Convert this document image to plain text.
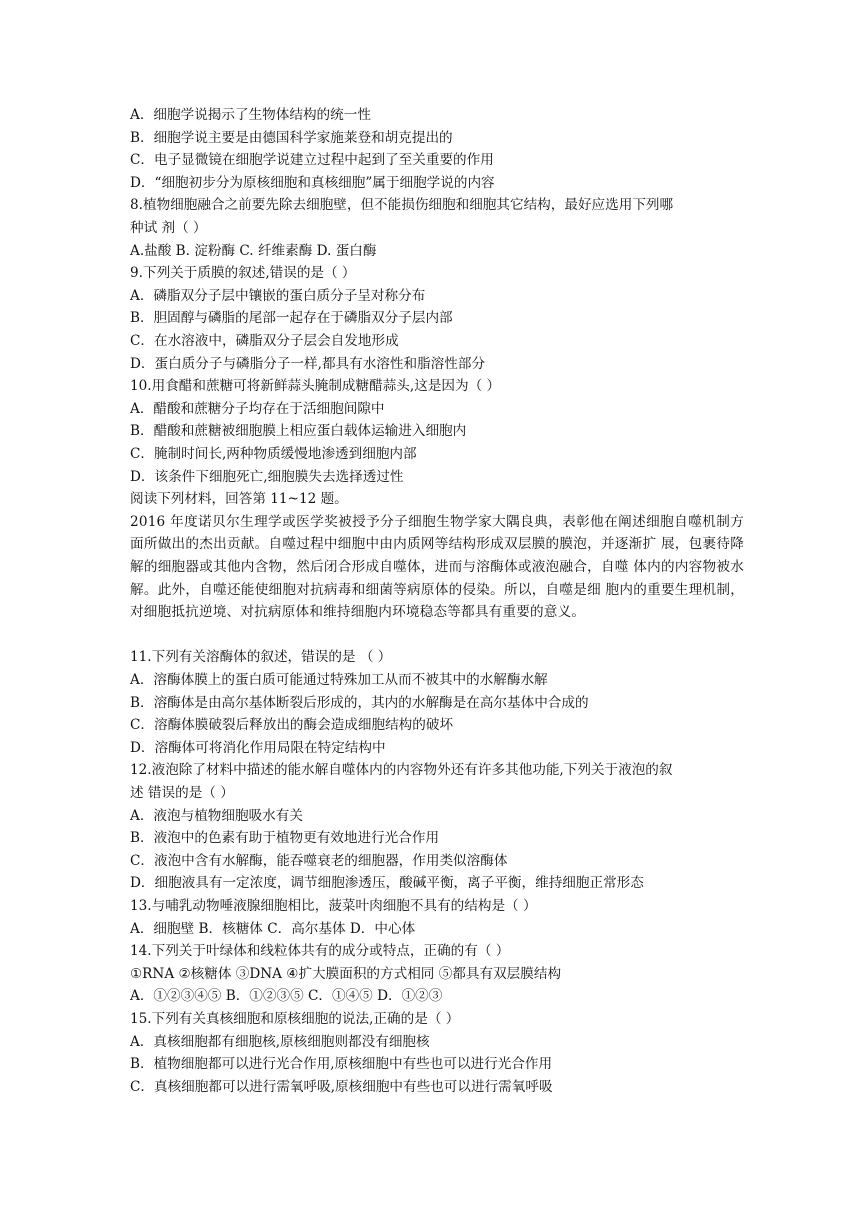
A．细胞学说揭示了生物体结构的统一性
B．细胞学说主要是由德国科学家施莱登和胡克提出的
C．电子显微镜在细胞学说建立过程中起到了至关重要的作用
D．“细胞初步分为原核细胞和真核细胞”属于细胞学说的内容
8.植物细胞融合之前要先除去细胞壁，但不能损伤细胞和细胞其它结构，最好应选用下列哪
种试 剂（ ）
A.盐酸 B. 淀粉酶 C. 纤维素酶 D. 蛋白酶
9.下列关于质膜的叙述,错误的是（ ）
A．磷脂双分子层中镶嵌的蛋白质分子呈对称分布
B．胆固醇与磷脂的尾部一起存在于磷脂双分子层内部
C．在水溶液中，磷脂双分子层会自发地形成
D．蛋白质分子与磷脂分子一样,都具有水溶性和脂溶性部分
10.用食醋和蔗糖可将新鲜蒜头腌制成糖醋蒜头,这是因为（ ）
A．醋酸和蔗糖分子均存在于活细胞间隙中
B．醋酸和蔗糖被细胞膜上相应蛋白载体运输进入细胞内
C．腌制时间长,两种物质缓慢地渗透到细胞内部
D．该条件下细胞死亡,细胞膜失去选择透过性
阅读下列材料，回答第 11~12 题。
2016 年度诺贝尔生理学或医学奖被授予分子细胞生物学家大隅良典，表彰他在阐述细胞自噬机制方面所做出的杰出贡献。自噬过程中细胞中由内质网等结构形成双层膜的膜泡，并逐渐扩 展，包裹待降解的细胞器或其他内含物，然后闭合形成自噬体，进而与溶酶体或液泡融合，自噬 体内的内容物被水解。此外，自噬还能使细胞对抗病毒和细菌等病原体的侵染。所以，自噬是细 胞内的重要生理机制，对细胞抵抗逆境、对抗病原体和维持细胞内环境稳态等都具有重要的意义。
11.下列有关溶酶体的叙述，错误的是 （ ）
A．溶酶体膜上的蛋白质可能通过特殊加工从而不被其中的水解酶水解
B．溶酶体是由高尔基体断裂后形成的，其内的水解酶是在高尔基体中合成的
C．溶酶体膜破裂后释放出的酶会造成细胞结构的破坏
D．溶酶体可将消化作用局限在特定结构中
12.液泡除了材料中描述的能水解自噬体内的内容物外还有许多其他功能,下列关于液泡的叙
述 错误的是（ ）
A．液泡与植物细胞吸水有关
B．液泡中的色素有助于植物更有效地进行光合作用
C．液泡中含有水解酶，能吞噬衰老的细胞器，作用类似溶酶体
D．细胞液具有一定浓度，调节细胞渗透压，酸碱平衡，离子平衡，维持细胞正常形态
13.与哺乳动物唾液腺细胞相比，菠菜叶肉细胞不具有的结构是（ ）
A．细胞壁 B．核糖体 C．高尔基体 D．中心体
14.下列关于叶绿体和线粒体共有的成分或特点，正确的有（ ）
①RNA ②核糖体 ③DNA ④扩大膜面积的方式相同 ⑤都具有双层膜结构
A．①②③④⑤ B．①②③⑤ C．①④⑤ D．①②③
15.下列有关真核细胞和原核细胞的说法,正确的是（ ）
A．真核细胞都有细胞核,原核细胞则都没有细胞核
B．植物细胞都可以进行光合作用,原核细胞中有些也可以进行光合作用
C．真核细胞都可以进行需氧呼吸,原核细胞中有些也可以进行需氧呼吸
